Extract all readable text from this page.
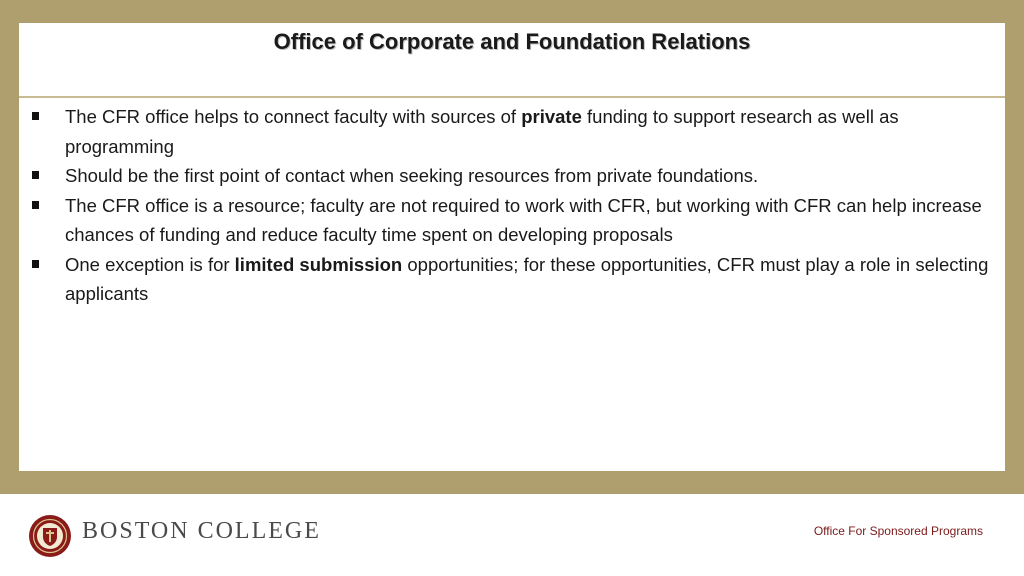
Office of Corporate and Foundation Relations
The CFR office helps to connect faculty with sources of private funding to support research as well as programming
Should be the first point of contact when seeking resources from private foundations.
The CFR office is a resource; faculty are not required to work with CFR, but working with CFR can help increase chances of funding and reduce faculty time spent on developing proposals
One exception is for limited submission opportunities; for these opportunities, CFR must play a role in selecting applicants
BOSTON COLLEGE	Office For Sponsored Programs
